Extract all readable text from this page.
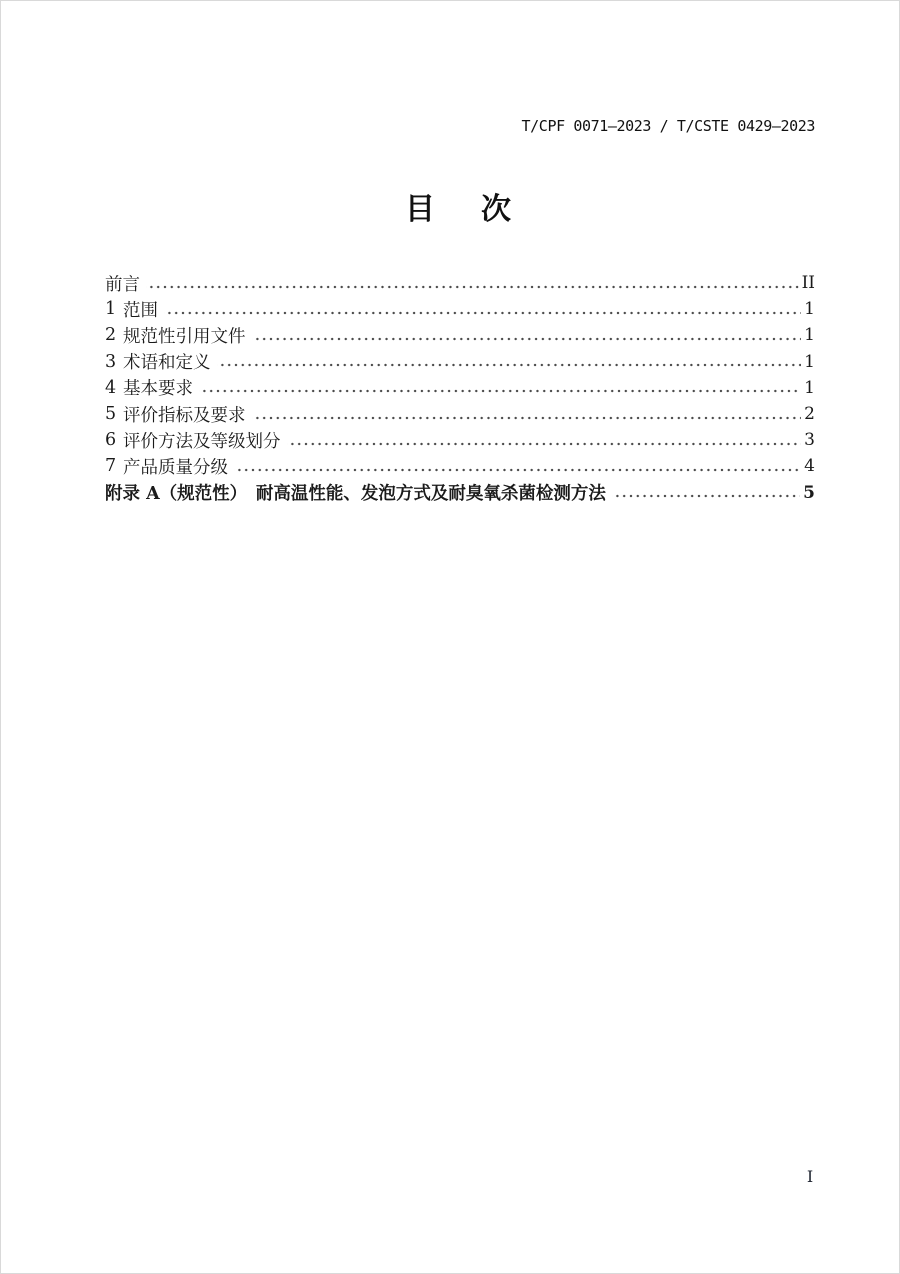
T/CPF 0071—2023 / T/CSTE 0429—2023
目 次
前言	II
1 范围	1
2 规范性引用文件	1
3 术语和定义	1
4 基本要求	1
5 评价指标及要求	2
6 评价方法及等级划分	3
7 产品质量分级	4
附录 A（规范性）　耐高温性能、发泡方式及耐臭氧杀菌检测方法	5
I
